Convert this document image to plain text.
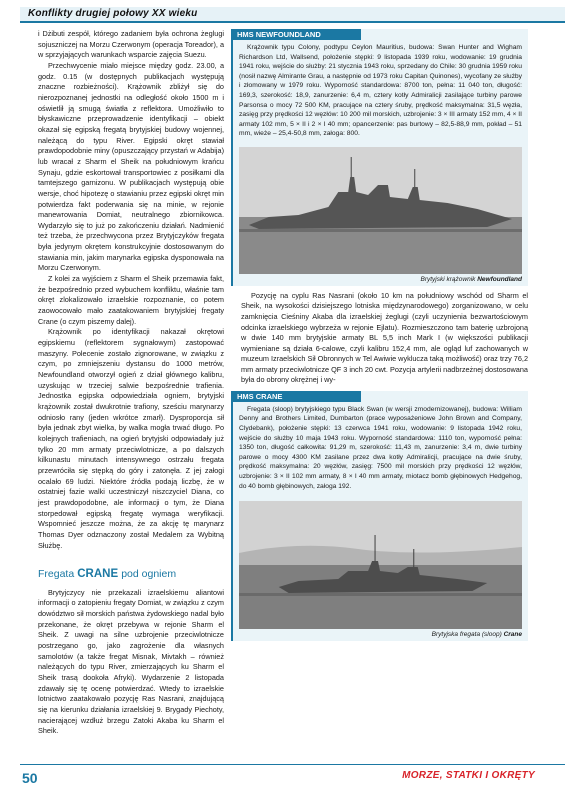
Konflikty drugiej połowy XX wieku

i Dżibuti zespół, którego zadaniem była ochrona żeglugi sojuszniczej na Morzu Czerwonym (operacja Toreador), a w sprzyjających warunkach wsparcie zajęcia Suezu.

Przechwycenie miało miejsce między godz. 23.00, a godz. 0.15 (w dostępnych publikacjach występują znaczne rozbieżności). Krążownik zbliżył się do nierozpoznanej jednostki na odległość około 1500 m i oświetlił ją smugą światła z reflektora. Umożliwiło to błyskawiczne przeprowadzenie identyfikacji – obiekt okazał się egipską fregatą brytyjskiej budowy wojennej, należącą do typu River. Egipski okręt stawiał prawdopodobnie miny (opuszczający przystań w Adabija) lub wracał z Sharm el Sheik na południowym krańcu Synaju, gdzie eskortował transportowiec z posiłkami dla tamtejszego garnizonu. W publikacjach występują obie wersje, choć hipotezę o stawianiu przez egipski okręt min potwierdza fakt poderwania się na minie, w rejonie manewrowania Domiat, neutralnego zbiornikowca. Wydarzyło się to już po zakończeniu działań. Nadmienić też trzeba, że przechwycona przez Brytyjczyków fregata była jedynym okrętem konstrukcyjnie dostosowanym do stawiania min, jakim marynarka egipska dysponowała na Morzu Czerwonym.

Z kolei za wyjściem z Sharm el Sheik przemawia fakt, że bezpośrednio przed wybuchem konfliktu, właśnie tam okręt zlokalizowało izraelskie rozpoznanie, co potem zaowocowało mało zaatakowaniem brytyjskiej fregaty Crane (o czym piszemy dalej).

Krążownik po identyfikacji nakazał okrętowi egipskiemu (reflektorem sygnałowym) zastopować maszyny. Polecenie zostało zignorowane, w związku z czym, po zmniejszeniu dystansu do 1000 metrów, Newfoundland otworzył ogień z dział głównego kalibru, uzyskując w trzeciej salwie bezpośrednie trafienia. Jednostka egipska odpowiedziała ogniem, brytyjski krążownik został dwukrotnie trafiony, sześciu marynarzy odniosło rany (jeden wkrótce zmarł). Dysproporcja sił była jednak zbyt wielka, by walka mogła trwać długo. Po kolejnych trafieniach, na ogień brytyjski odpowiadały już tylko 20 mm armaty przeciwlotnicze, a po dalszych kilkunastu minutach intensywnego ostrzału fregata przewróciła się stępką do góry i zatonęła. Z jej załogi ocalało 69 ludzi. Niektóre źródła podają liczbę, że w ostatniej fazie walki uczestniczył niszczyciel Diana, co jest prawdopodobne, ale informacji o tym, że Diana storpedował egipską fregatę wymaga weryfikacji. Wspomnieć jeszcze można, że za akcję tę marynarz Thomas Dyer odznaczony został Medalem za Wybitną Służbę.

Fregata CRANE pod ogniem

Brytyjczycy nie przekazali izraelskiemu aliantowi informacji o zatopieniu fregaty Domiat, w związku z czym dowództwo sił morskich państwa żydowskiego nadal było przekonane, że okręt przebywa w rejonie Sharm el Sheik. Z uwagi na silne uzbrojenie przeciwlotnicze postrzegano go, jako zagrożenie dla własnych samolotów (a także fregat Misnak, Mivtakh – również należących do typu River, zmierzających ku Sharm el Sheik trasą dookoła Afryki). Wydarzenie 2 listopada zdawały się tę ocenę potwierdzać. Wtedy to izraelskie lotnictwo zaatakowało pozycję Ras Nasrani, znajdującą się na kierunku działania izraelskiej 9. Brygady Piechoty, nacierającej wzdłuż brzegu Zatoki Akaba ku Sharm el Sheik.

HMS NEWFOUNDLAND

Krążownik typu Colony, podtypu Ceylon Mauritius, budowa: Swan Hunter and Wigham Richardson Ltd, Wallsend, położenie stępki: 9 listopada 1939 roku, wodowanie: 19 grudnia 1941 roku, wejście do służby: 21 stycznia 1943 roku, sprzedany do Chile: 30 grudnia 1959 roku (nosił nazwę Almirante Grau, a następnie od 1973 roku Capitan Quinones), wycofany ze służby i złomowany w 1979 roku. Wyporność standardowa: 8700 ton, pełna: 11 040 ton, długość: 169,3, szerokość: 18,9, zanurzenie: 6,4 m, cztery kotły Admiralicji zasilające turbiny parowe Parsonsa o mocy 72 500 KM, pracujące na cztery śruby, prędkość maksymalna: 31,5 węzła, zasięg przy prędkości 12 węzłów: 10 200 mil morskich, uzbrojenie: 3 × III armaty 152 mm, 4 × II armaty 102 mm, 5 × II i 2 × I 40 mm; opancerzenie: pas burtowy – 82,5-88,9 mm, pokład – 51 mm, wieże – 25,4-50,8 mm, załoga: 800.

Brytyjski krążownik Newfoundland

Pozycję na cyplu Ras Nasrani (około 10 km na południowy wschód od Sharm el Sheik, na wysokości dzisiejszego lotniska międzynarodowego) zorganizowano, w celu zamknięcia Cieśniny Akaba dla izraelskiej żeglugi (czyli uczynienia bezwartościowym odcinka izraelskiego wybrzeża w rejonie Ejlatu). Rozmieszczono tam baterię uzbrojoną w dwie 140 mm brytyjskie armaty BL 5,5 inch Mark I (w większości publikacji wymieniane są działa 6-calowe, czyli kalibru 152,4 mm, ale ogląd luf zachowanych w muzeum Izraelskich Sił Obronnych w Tel Awiwie wyklucza taką możliwość) oraz trzy 76,2 mm armaty przeciwlotnicze QF 3 inch 20 cwt. Pozycja artylerii nadbrzeżnej dostosowana była do obrony okrężnej i wy-

HMS CRANE

Fregata (sloop) brytyjskiego typu Black Swan (w wersji zmodernizowanej), budowa: William Denny and Brothers Limited, Dumbarton (prace wyposażeniowe John Brown and Company, Clydebank), położenie stępki: 13 czerwca 1941 roku, wodowanie: 9 listopada 1942 roku, wejście do służby 10 maja 1943 roku. Wyporność standardowa: 1110 ton, wyporność pełna: 1350 ton, długość całkowita: 91,29 m, szerokość: 11,43 m, zanurzenie: 3,4 m, dwie turbiny parowe o mocy 4300 KM zasilane przez dwa kotły Admiralicji, pracujące na dwie śruby, prędkość maksymalna: 20 węzłów, zasięg: 7500 mil morskich przy prędkości 12 węzłów, uzbrojenie: 3 × II 102 mm armaty, 8 × I 40 mm armaty, miotacz bomb głębinowych Hedgehog, do 40 bomb głębinowych, załoga 192.

Brytyjska fregata (sloop) Crane
50	MORZE, STATKI I OKRĘTY
